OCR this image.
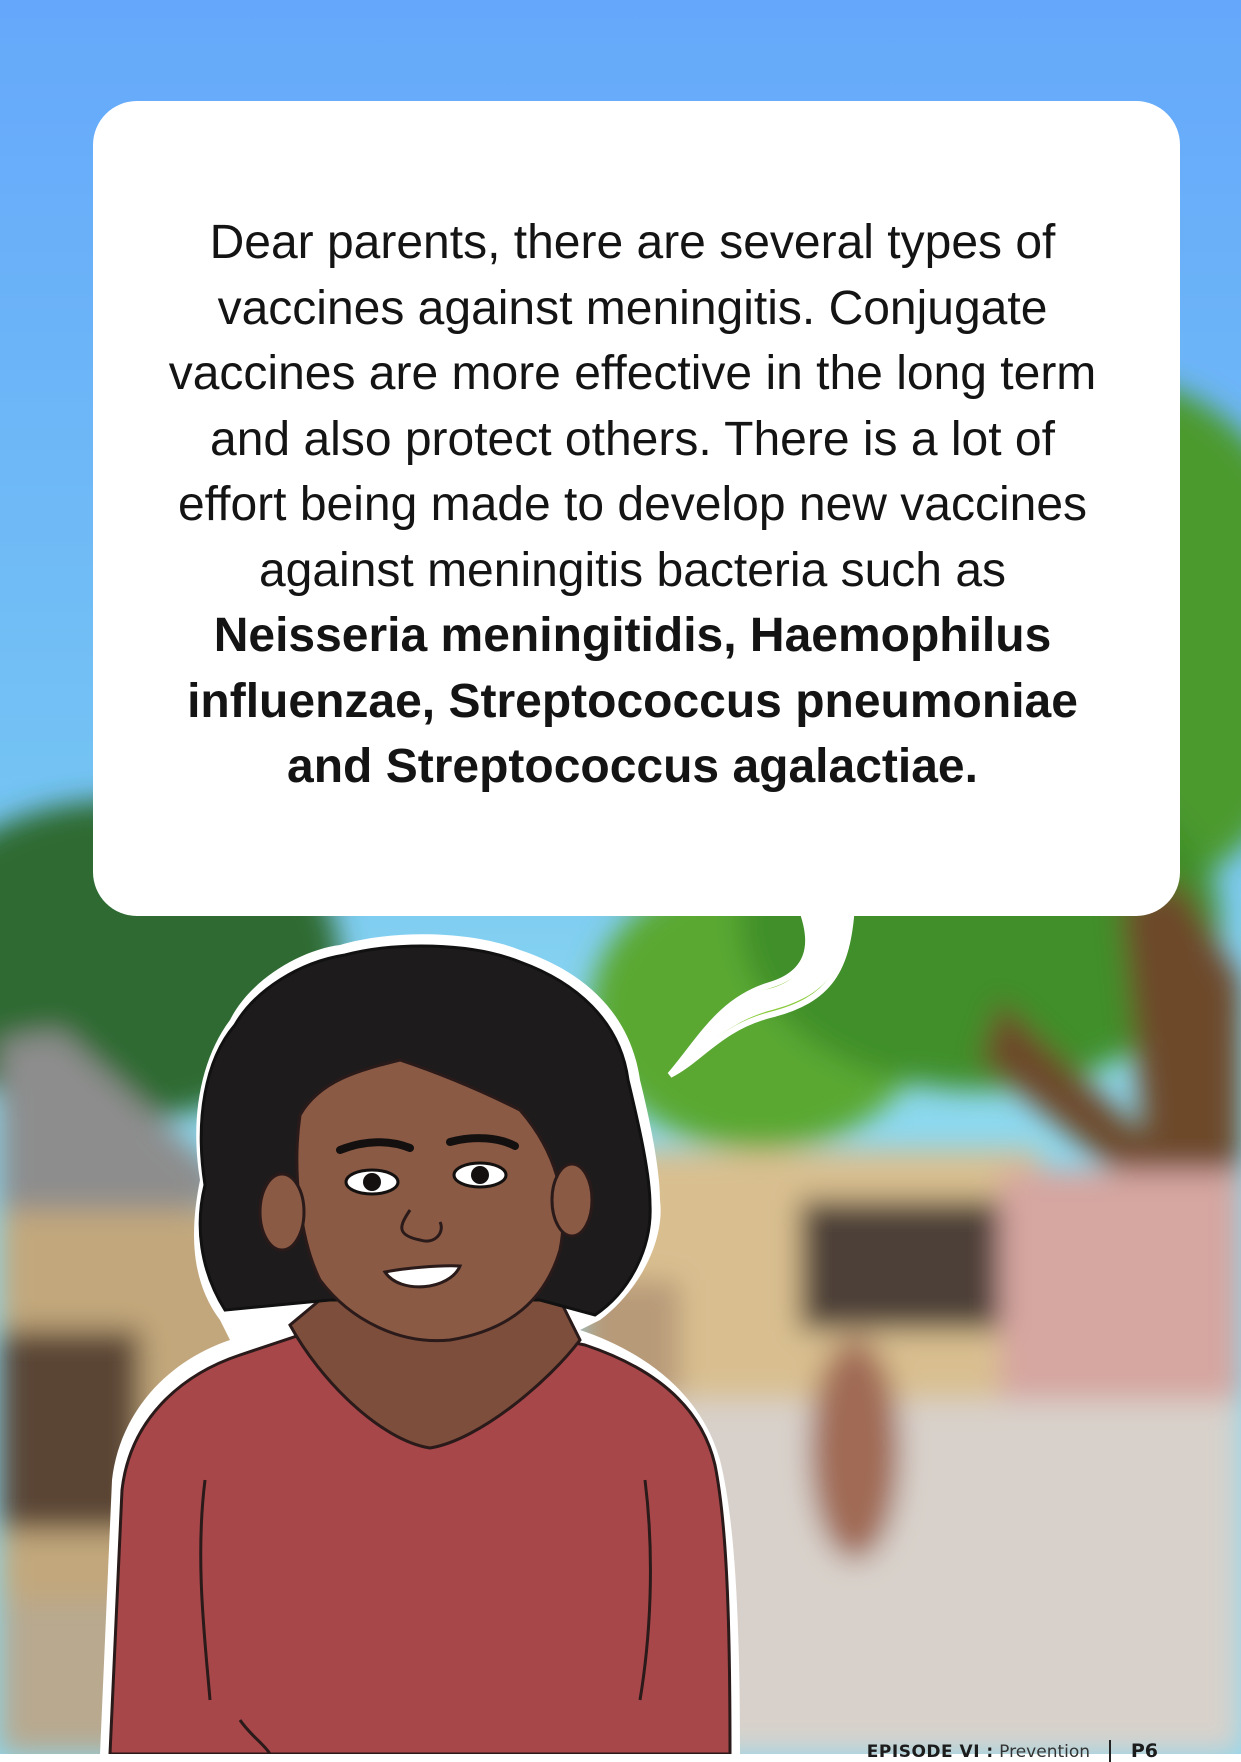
Dear parents, there are several types of vaccines against meningitis. Conjugate vaccines are more effective in the long term and also protect others. There is a lot of effort being made to develop new vaccines against meningitis bacteria such as Neisseria meningitidis, Haemophilus influenzae, Streptococcus pneumoniae and Streptococcus agalactiae.
EPISODE VI : Prevention P6
